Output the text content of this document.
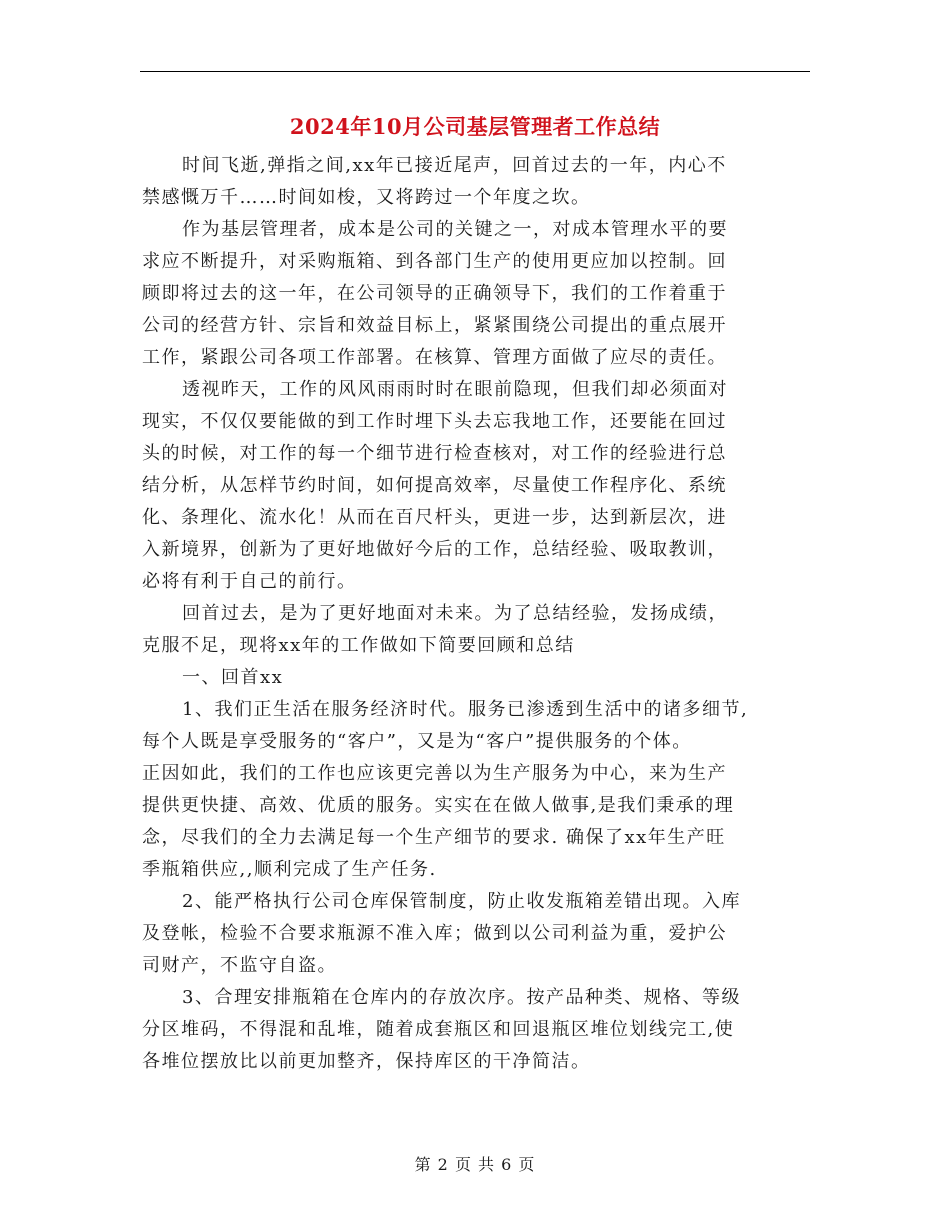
2024年10月公司基层管理者工作总结
时间飞逝,弹指之间,xx年已接近尾声，回首过去的一年，内心不
禁感慨万千……时间如梭，又将跨过一个年度之坎。
作为基层管理者，成本是公司的关键之一，对成本管理水平的要
求应不断提升，对采购瓶箱、到各部门生产的使用更应加以控制。回
顾即将过去的这一年，在公司领导的正确领导下，我们的工作着重于
公司的经营方针、宗旨和效益目标上，紧紧围绕公司提出的重点展开
工作，紧跟公司各项工作部署。在核算、管理方面做了应尽的责任。
透视昨天，工作的风风雨雨时时在眼前隐现，但我们却必须面对
现实，不仅仅要能做的到工作时埋下头去忘我地工作，还要能在回过
头的时候，对工作的每一个细节进行检查核对，对工作的经验进行总
结分析，从怎样节约时间，如何提高效率，尽量使工作程序化、系统
化、条理化、流水化！从而在百尺杆头，更进一步，达到新层次，进
入新境界，创新为了更好地做好今后的工作，总结经验、吸取教训，
必将有利于自己的前行。
回首过去，是为了更好地面对未来。为了总结经验，发扬成绩，
克服不足，现将xx年的工作做如下简要回顾和总结
一、回首xx
1、我们正生活在服务经济时代。服务已渗透到生活中的诸多细节,
每个人既是享受服务的“客户”，又是为“客户”提供服务的个体。
正因如此，我们的工作也应该更完善以为生产服务为中心，来为生产
提供更快捷、高效、优质的服务。实实在在做人做事,是我们秉承的理
念，尽我们的全力去满足每一个生产细节的要求. 确保了xx年生产旺
季瓶箱供应,,顺利完成了生产任务.
2、能严格执行公司仓库保管制度，防止收发瓶箱差错出现。入库
及登帐，检验不合要求瓶源不准入库；做到以公司利益为重，爱护公
司财产，不监守自盗。
3、合理安排瓶箱在仓库内的存放次序。按产品种类、规格、等级
分区堆码，不得混和乱堆，随着成套瓶区和回退瓶区堆位划线完工,使
各堆位摆放比以前更加整齐，保持库区的干净简洁。
第 2 页 共 6 页
